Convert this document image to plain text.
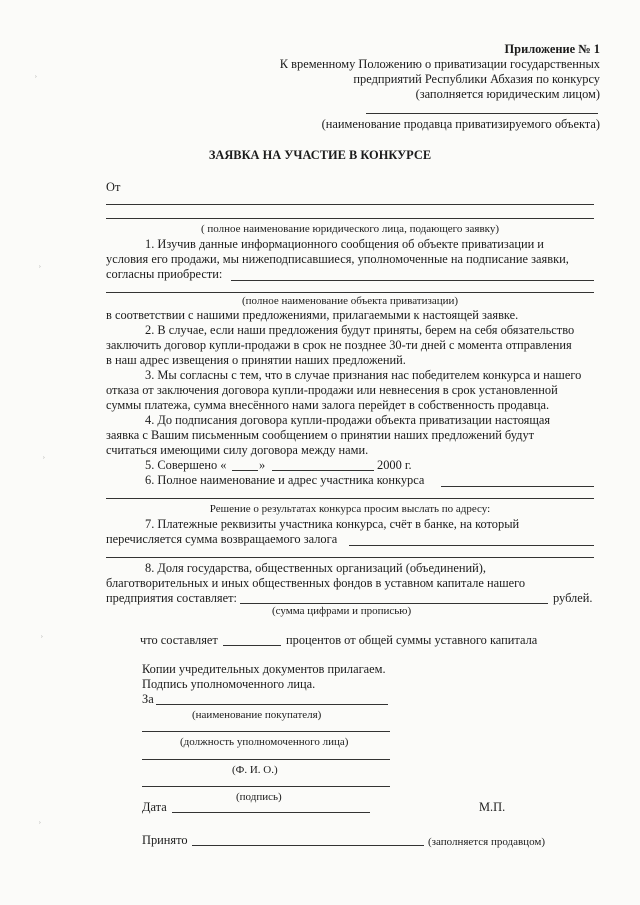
ʾ
ʾ
ʾ
ʾ
ʾ
Приложение № 1
К временному Положению о приватизации государственных
предприятий Республики Абхазия по конкурсу
(заполняется юридическим лицом)
(наименование продавца приватизируемого объекта)
ЗАЯВКА НА УЧАСТИЕ В КОНКУРСЕ
От
( полное наименование юридического лица, подающего заявку)
1. Изучив данные информационного сообщения об объекте приватизации и
условия его продажи, мы нижеподписавшиеся, уполномоченные на подписание заявки,
согласны приобрести:
(полное наименование объекта приватизации)
в соответствии с нашими предложениями, прилагаемыми к настоящей заявке.
2. В случае, если наши предложения будут приняты, берем на себя обязательство
заключить договор купли-продажи в срок не позднее 30-ти дней с момента отправления
в наш адрес извещения о принятии наших предложений.
3. Мы согласны с тем, что в случае признания нас победителем конкурса и нашего
отказа от заключения договора купли-продажи или невнесения в срок установленной
суммы платежа, сумма внесённого нами залога перейдет в собственность продавца.
4. До подписания договора купли-продажи объекта приватизации настоящая
заявка с Вашим письменным сообщением о принятии наших предложений будут
считаться имеющими силу договора между нами.
5. Совершено «	»	2000 г.
6. Полное наименование и адрес участника конкурса
Решение о результатах конкурса просим выслать по адресу:
7. Платежные реквизиты участника конкурса, счёт в банке, на который
перечисляется сумма возвращаемого залога
8. Доля государства, общественных организаций (объединений),
благотворительных и иных общественных фондов в уставном капитале нашего
предприятия составляет:	рублей.
(сумма цифрами и прописью)
что составляет	процентов от общей суммы уставного капитала
Копии учредительных документов прилагаем.
Подпись уполномоченного лица.
За
(наименование покупателя)
(должность уполномоченного лица)
(Ф. И. О.)
(подпись)
Дата	М.П.
Принято	(заполняется продавцом)
